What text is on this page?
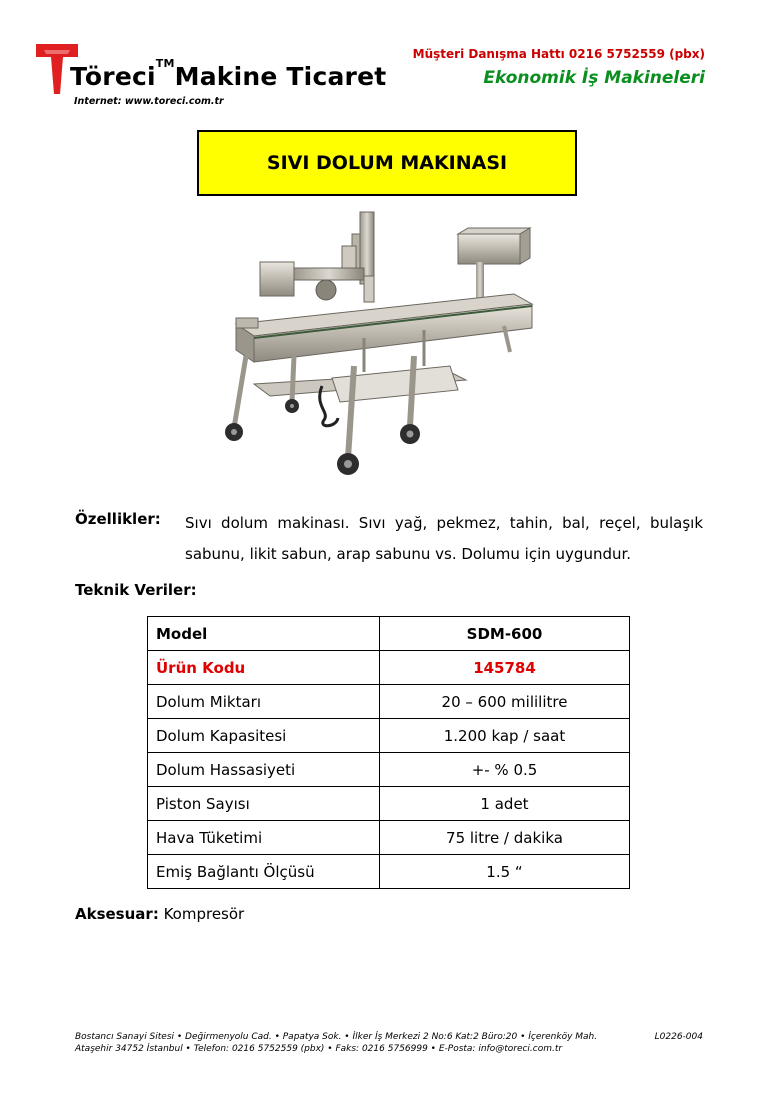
Töreci™Makine Ticaret
Internet: www.toreci.com.tr
Müşteri Danışma Hattı 0216 5752559 (pbx)
Ekonomik İş Makineleri
SIVI DOLUM MAKINASI
Özellikler: Sıvı dolum makinası. Sıvı yağ, pekmez, tahin, bal, reçel, bulaşık sabunu, likit sabun, arap sabunu vs. Dolumu için uygundur.
Teknik Veriler:
Model	SDM-600
Ürün Kodu	145784
Dolum Miktarı	20 – 600 mililitre
Dolum Kapasitesi	1.200 kap / saat
Dolum Hassasiyeti	+- % 0.5
Piston Sayısı	1 adet
Hava Tüketimi	75 litre / dakika
Emiş Bağlantı Ölçüsü	1.5 “
Aksesuar: Kompresör
Bostancı Sanayi Sitesi • Değirmenyolu Cad. • Papatya Sok. • İlker İş Merkezi 2 No:6 Kat:2 Büro:20 • İçerenköy Mah.
Ataşehir 34752 İstanbul • Telefon: 0216 5752559 (pbx) • Faks: 0216 5756999 • E-Posta: info@toreci.com.tr
L0226-004
